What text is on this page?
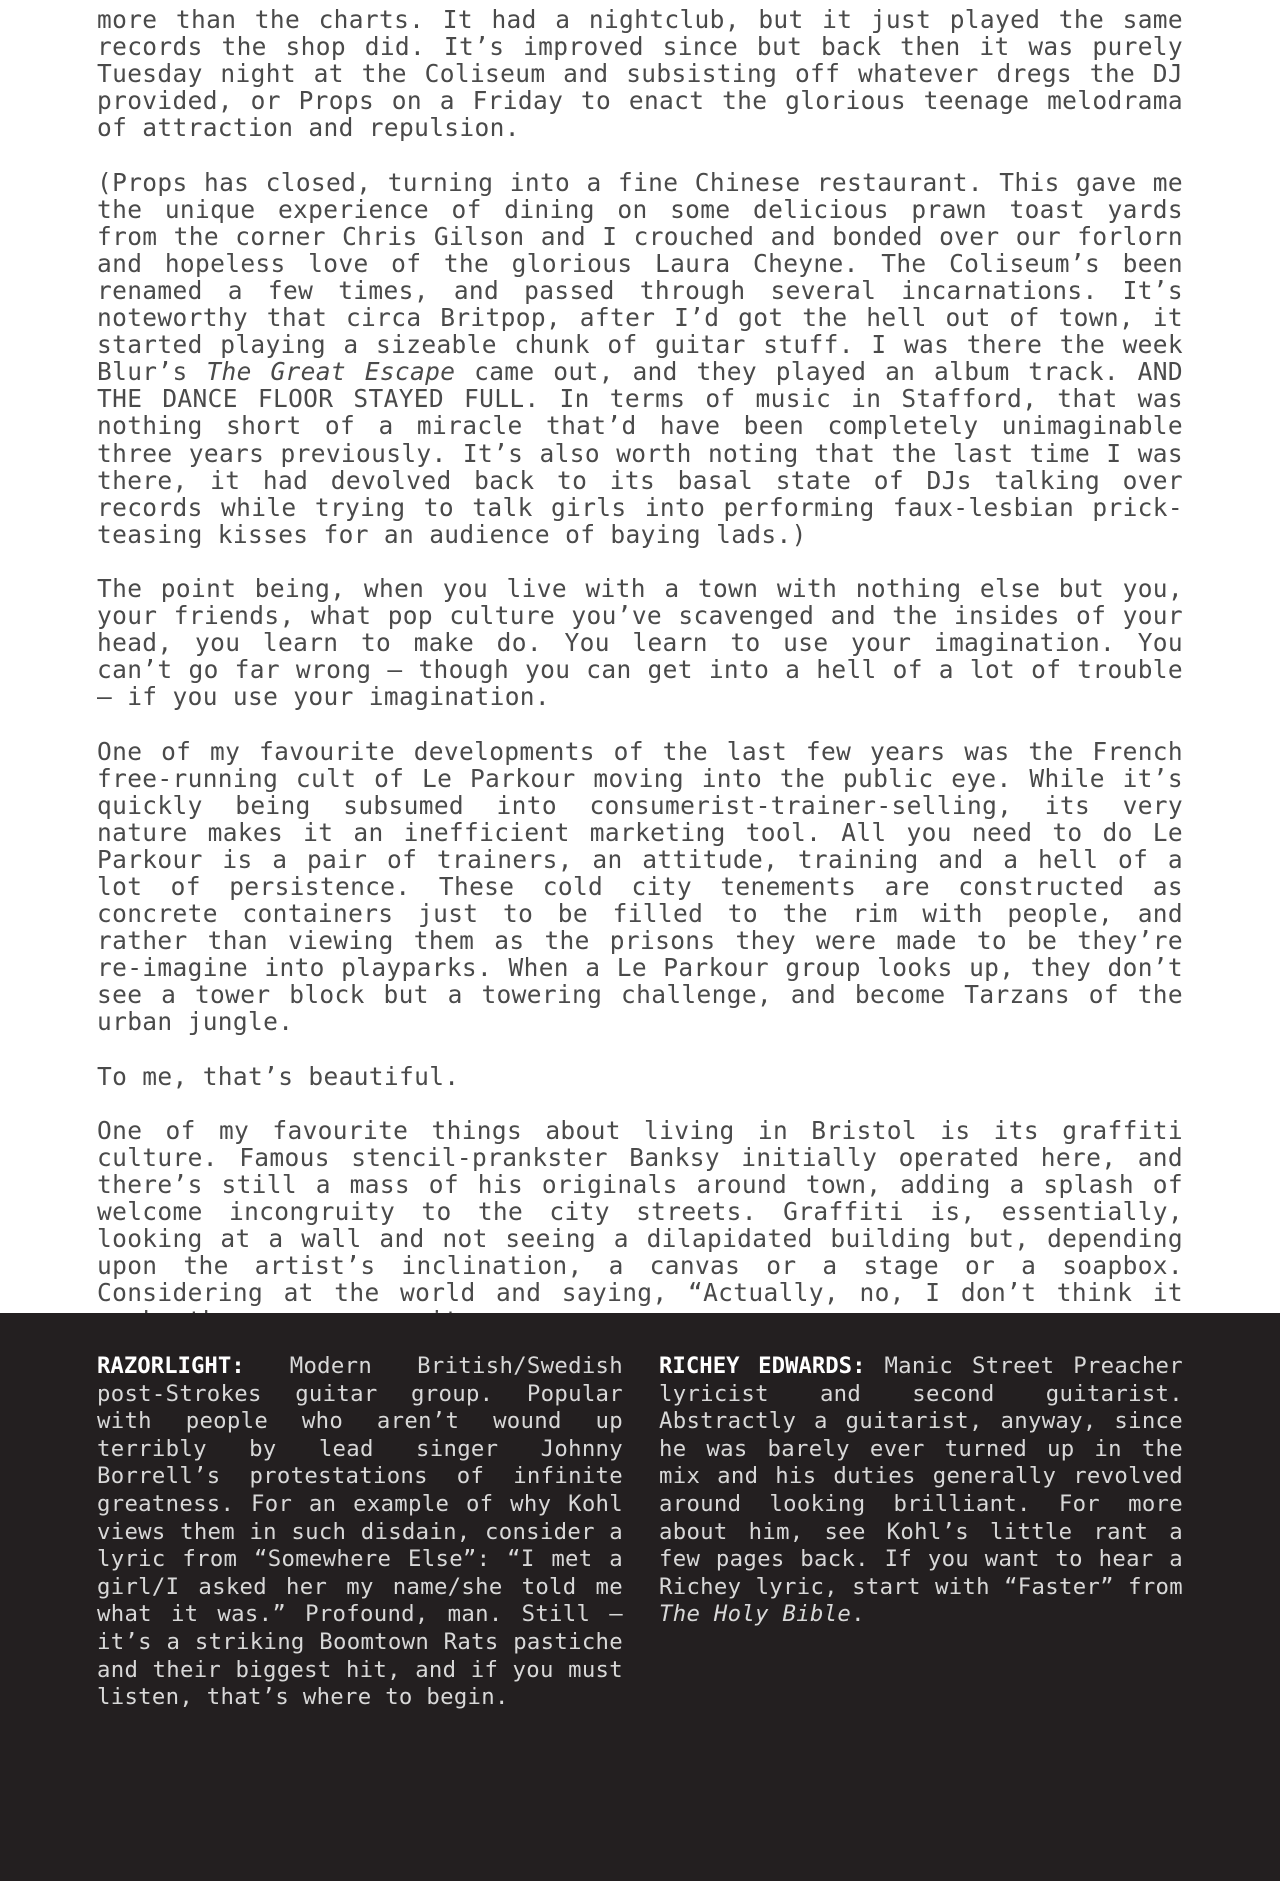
more than the charts. It had a nightclub, but it just played the same records the shop did. It’s improved since but back then it was purely Tuesday night at the Coliseum and subsisting off whatever dregs the DJ provided, or Props on a Friday to enact the glorious teenage melodrama of attraction and repulsion.

(Props has closed, turning into a fine Chinese restaurant. This gave me the unique experience of dining on some delicious prawn toast yards from the corner Chris Gilson and I crouched and bonded over our forlorn and hopeless love of the glorious Laura Cheyne. The Coliseum’s been renamed a few times, and passed through several incarnations. It’s noteworthy that circa Britpop, after I’d got the hell out of town, it started playing a sizeable chunk of guitar stuff. I was there the week Blur’s The Great Escape came out, and they played an album track. AND THE DANCE FLOOR STAYED FULL. In terms of music in Stafford, that was nothing short of a miracle that’d have been completely unimaginable three years previously. It’s also worth noting that the last time I was there, it had devolved back to its basal state of DJs talking over records while trying to talk girls into performing faux-lesbian prick-teasing kisses for an audience of baying lads.)

The point being, when you live with a town with nothing else but you, your friends, what pop culture you’ve scavenged and the insides of your head, you learn to make do. You learn to use your imagination. You can’t go far wrong – though you can get into a hell of a lot of trouble – if you use your imagination.

One of my favourite developments of the last few years was the French free-running cult of Le Parkour moving into the public eye. While it’s quickly being subsumed into consumerist-trainer-selling, its very nature makes it an inefficient marketing tool. All you need to do Le Parkour is a pair of trainers, an attitude, training and a hell of a lot of persistence. These cold city tenements are constructed as concrete containers just to be filled to the rim with people, and rather than viewing them as the prisons they were made to be they’re re-imagine into playparks. When a Le Parkour group looks up, they don’t see a tower block but a towering challenge, and become Tarzans of the urban jungle.

To me, that’s beautiful.

One of my favourite things about living in Bristol is its graffiti culture. Famous stencil-prankster Banksy initially operated here, and there’s still a mass of his originals around town, adding a splash of welcome incongruity to the city streets. Graffiti is, essentially, looking at a wall and not seeing a dilapidated building but, depending upon the artist’s inclination, a canvas or a stage or a soapbox. Considering at the world and saying, “Actually, no, I don’t think it

RAZORLIGHT: Modern British/Swedish post-Strokes guitar group. Popular with people who aren’t wound up terribly by lead singer Johnny Borrell’s protestations of infinite greatness. For an example of why Kohl views them in such disdain, consider a lyric from “Somewhere Else”: “I met a girl/I asked her my name/she told me what it was.” Profound, man. Still – it’s a striking Boomtown Rats pastiche and their biggest hit, and if you must listen, that’s where to begin.

RICHEY EDWARDS: Manic Street Preacher lyricist and second guitarist. Abstractly a guitarist, anyway, since he was barely ever turned up in the mix and his duties generally revolved around looking brilliant. For more about him, see Kohl’s little rant a few pages back. If you want to hear a Richey lyric, start with “Faster” from The Holy Bible.
